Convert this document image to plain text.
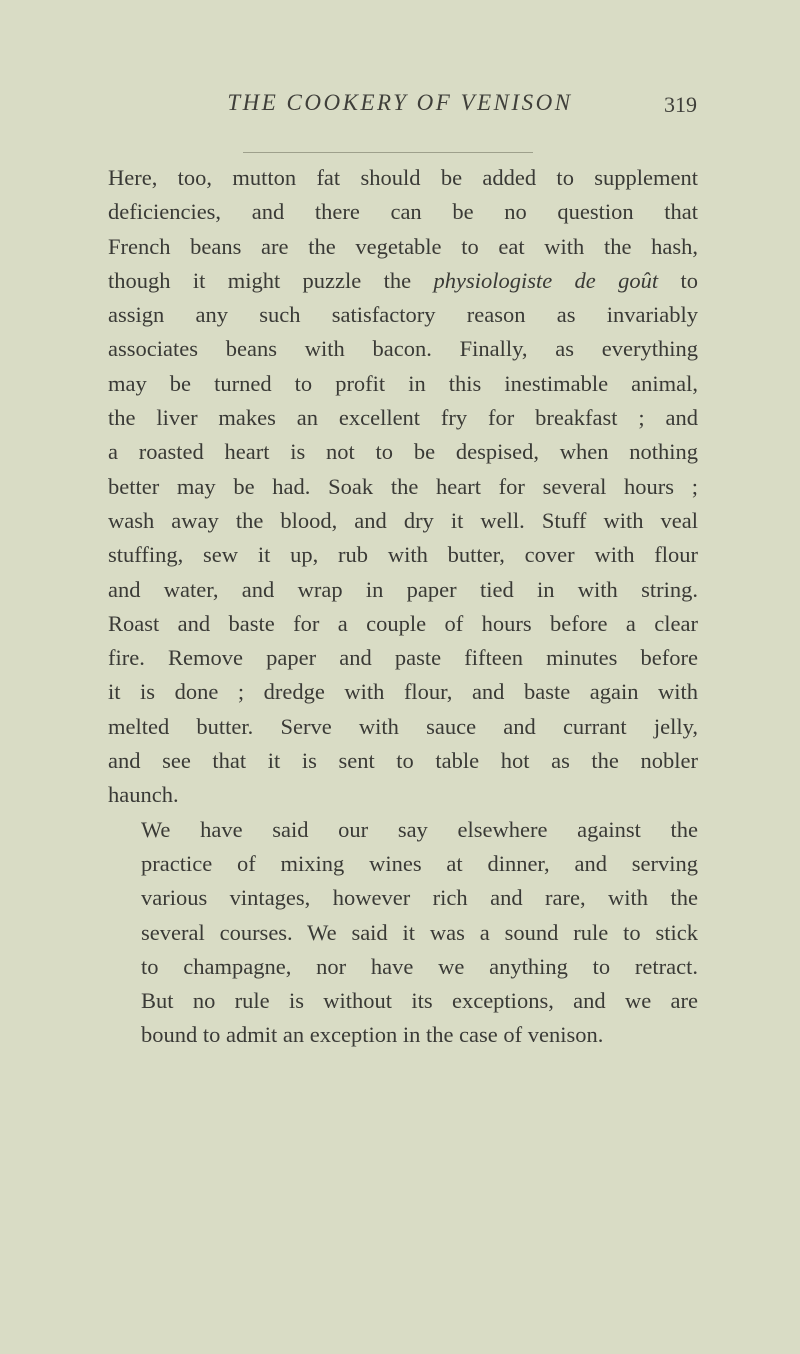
THE COOKERY OF VENISON	319

Here, too, mutton fat should be added to supplement
deficiencies, and there can be no question that
French beans are the vegetable to eat with the hash,
though it might puzzle the physiologiste de goût to
assign any such satisfactory reason as invariably
associates beans with bacon. Finally, as everything
may be turned to profit in this inestimable animal,
the liver makes an excellent fry for breakfast ; and
a roasted heart is not to be despised, when nothing
better may be had. Soak the heart for several hours ;
wash away the blood, and dry it well. Stuff with veal
stuffing, sew it up, rub with butter, cover with flour
and water, and wrap in paper tied in with string.
Roast and baste for a couple of hours before a clear
fire. Remove paper and paste fifteen minutes before
it is done ; dredge with flour, and baste again with
melted butter. Serve with sauce and currant jelly,
and see that it is sent to table hot as the nobler
haunch.

We have said our say elsewhere against the
practice of mixing wines at dinner, and serving
various vintages, however rich and rare, with the
several courses. We said it was a sound rule to stick
to champagne, nor have we anything to retract.
But no rule is without its exceptions, and we are
bound to admit an exception in the case of venison.
